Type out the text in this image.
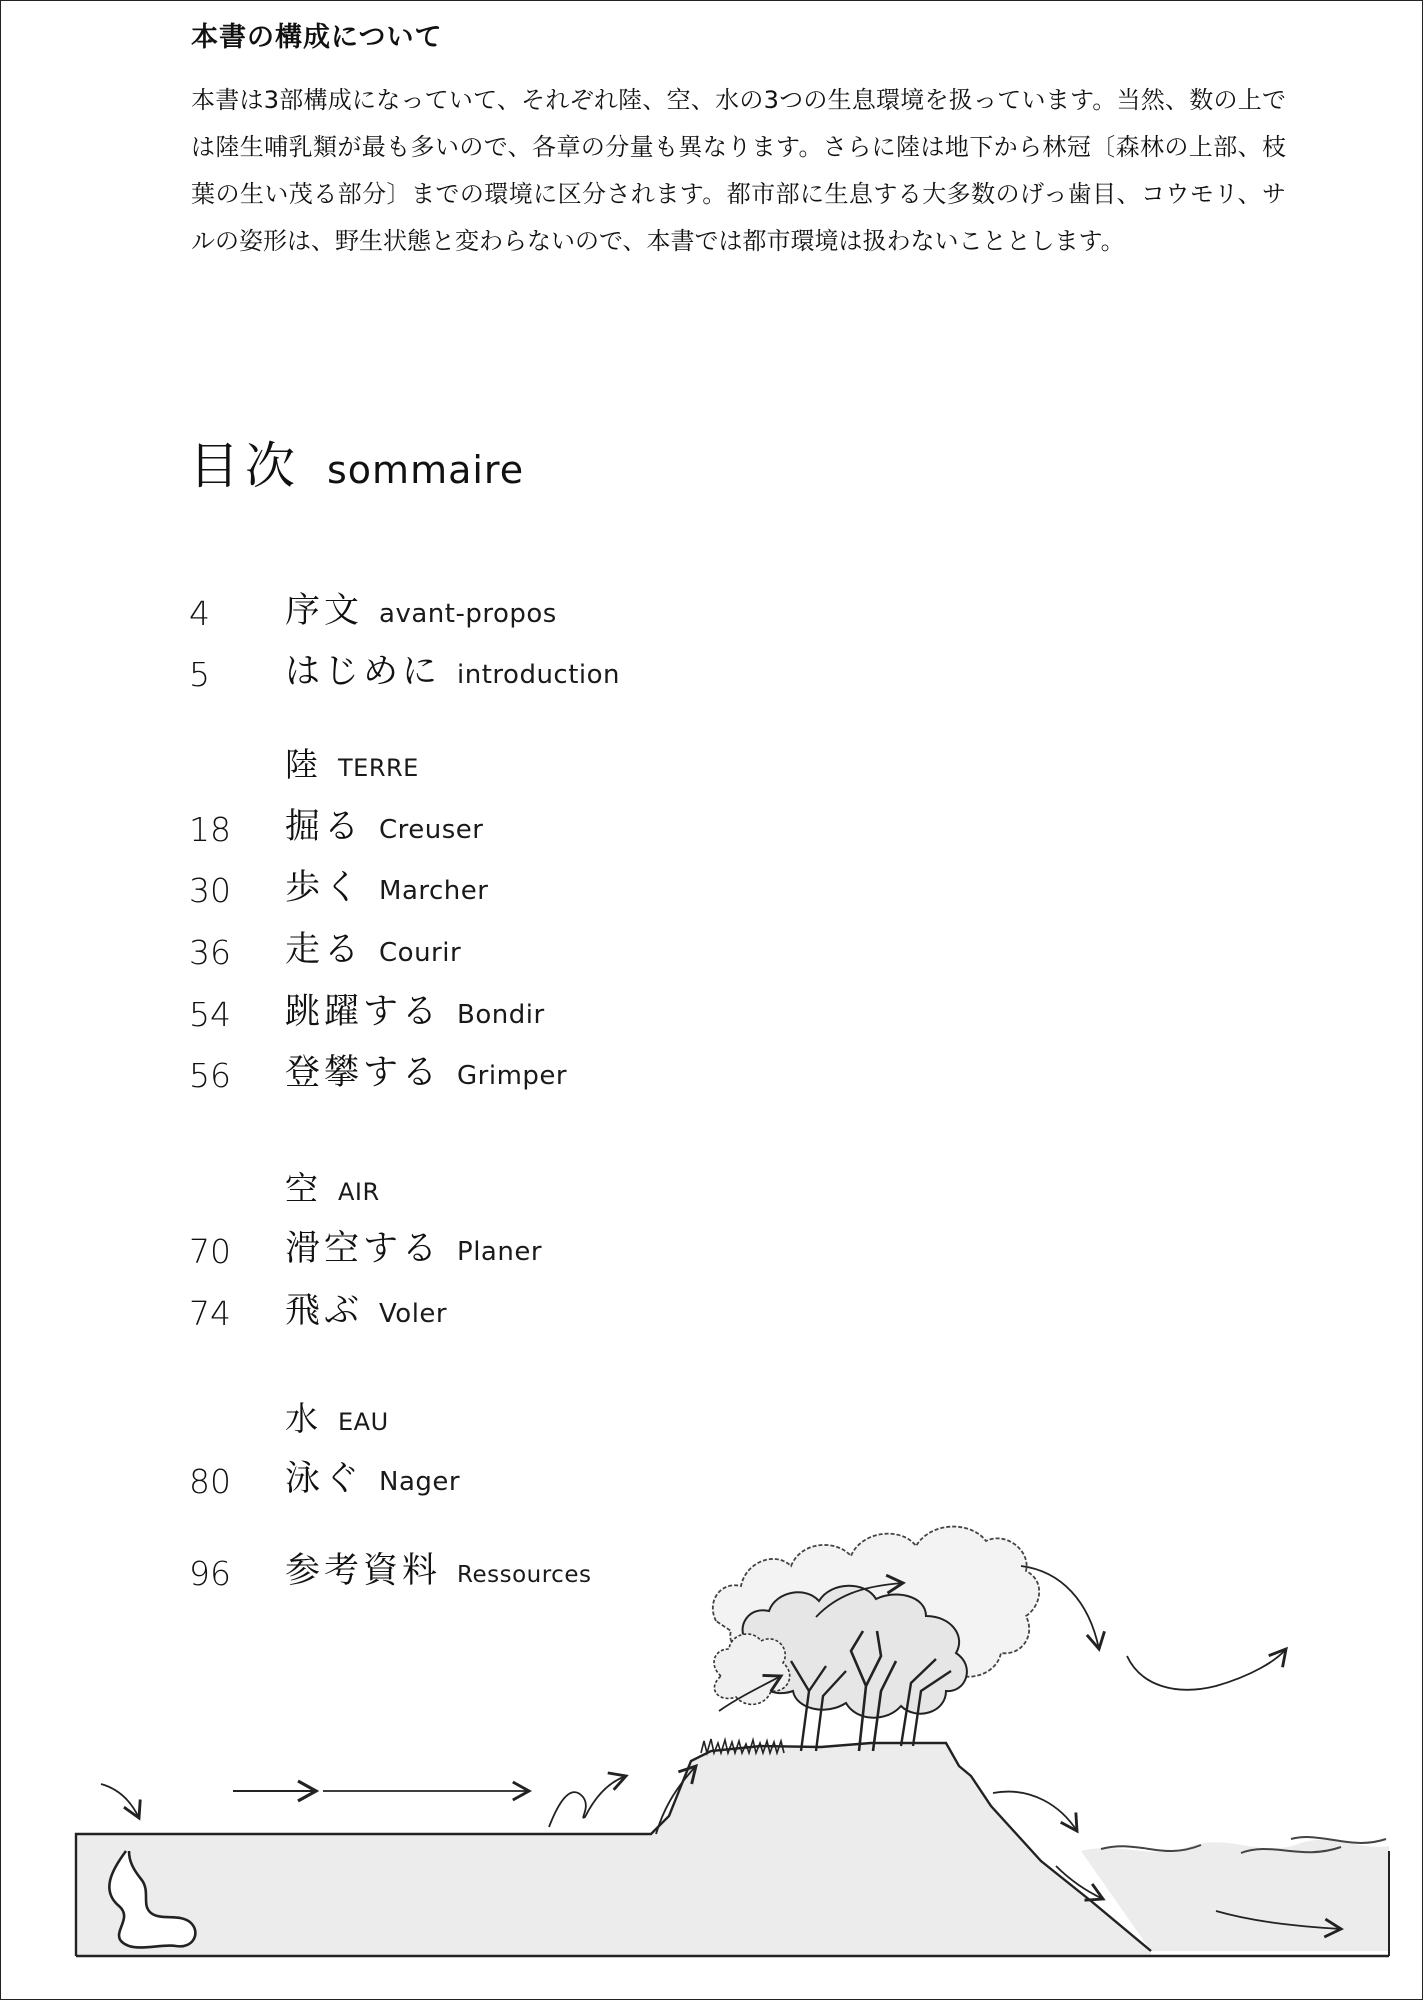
本書の構成について

本書は3部構成になっていて、それぞれ陸、空、水の3つの生息環境を扱っています。当然、数の上では陸生哺乳類が最も多いので、各章の分量も異なります。さらに陸は地下から林冠〔森林の上部、枝葉の生い茂る部分〕までの環境に区分されます。都市部に生息する大多数のげっ歯目、コウモリ、サルの姿形は、野生状態と変わらないので、本書では都市環境は扱わないこととします。

目次 sommaire
4 序文 avant-propos
5 はじめに introduction
陸 TERRE
18 掘る Creuser
30 歩く Marcher
36 走る Courir
54 跳躍する Bondir
56 登攀する Grimper
空 AIR
70 滑空する Planer
74 飛ぶ Voler
水 EAU
80 泳ぐ Nager
96 参考資料 Ressources
